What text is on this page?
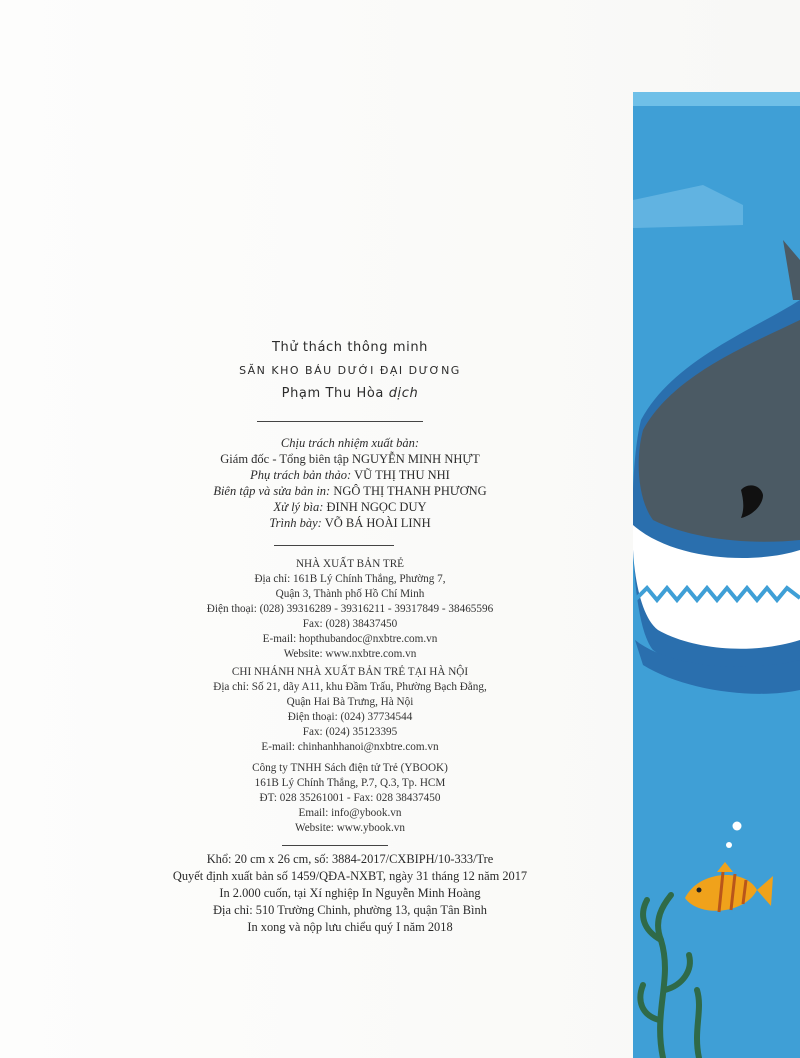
Thử thách thông minh
SĂN KHO BÁU DƯỚI ĐẠI DƯƠNG
Phạm Thu Hòa dịch
Chịu trách nhiệm xuất bản:
Giám đốc - Tổng biên tập NGUYỄN MINH NHỰT
Phụ trách bản thảo: VŨ THỊ THU NHI
Biên tập và sửa bản in: NGÔ THỊ THANH PHƯƠNG
Xử lý bìa: ĐINH NGỌC DUY
Trình bày: VÕ BÁ HOÀI LINH
NHÀ XUẤT BẢN TRẺ
Địa chỉ: 161B Lý Chính Thắng, Phường 7,
Quận 3, Thành phố Hồ Chí Minh
Điện thoại: (028) 39316289 - 39316211 - 39317849 - 38465596
Fax: (028) 38437450
E-mail: hopthubandoc@nxbtre.com.vn
Website: www.nxbtre.com.vn
CHI NHÁNH NHÀ XUẤT BẢN TRẺ TẠI HÀ NỘI
Địa chỉ: Số 21, dãy A11, khu Đầm Trấu, Phường Bạch Đằng,
Quận Hai Bà Trưng, Hà Nội
Điện thoại: (024) 37734544
Fax: (024) 35123395
E-mail: chinhanhhanoi@nxbtre.com.vn
Công ty TNHH Sách điện tử Trẻ (YBOOK)
161B Lý Chính Thắng, P.7, Q.3, Tp. HCM
ĐT: 028 35261001 - Fax: 028 38437450
Email: info@ybook.vn
Website: www.ybook.vn
Khổ: 20 cm x 26 cm, số: 3884-2017/CXBIPH/10-333/Tre
Quyết định xuất bản số 1459/QĐA-NXBT, ngày 31 tháng 12 năm 2017
In 2.000 cuốn, tại Xí nghiệp In Nguyễn Minh Hoàng
Địa chỉ: 510 Trường Chinh, phường 13, quận Tân Bình
In xong và nộp lưu chiểu quý I năm 2018
